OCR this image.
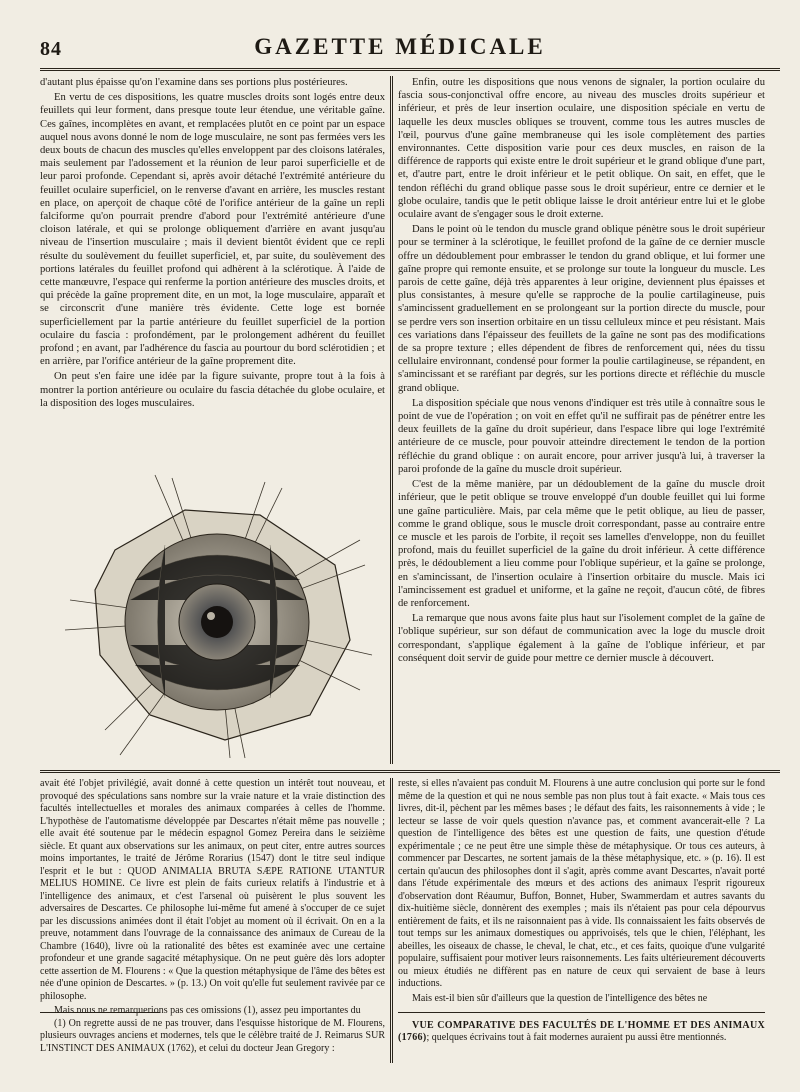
84	GAZETTE MÉDICALE

d'autant plus épaisse qu'on l'examine dans ses portions plus postérieures.

En vertu de ces dispositions, les quatre muscles droits sont logés entre deux feuillets qui leur forment, dans presque toute leur étendue, une véritable gaîne. Ces gaînes, incomplètes en avant, et remplacées plutôt en ce point par un espace auquel nous avons donné le nom de loge musculaire, ne sont pas fermées vers les deux bouts de chacun des muscles qu'elles enveloppent par des cloisons latérales, mais seulement par l'adossement et la réunion de leur paroi superficielle et de leur paroi profonde. Cependant si, après avoir détaché l'extrémité antérieure du feuillet oculaire superficiel, on le renverse d'avant en arrière, les muscles restant en place, on aperçoit de chaque côté de l'orifice antérieur de la gaîne un repli falciforme qu'on pourrait prendre d'abord pour l'extrémité antérieure d'une cloison latérale, et qui se prolonge obliquement d'arrière en avant jusqu'au niveau de l'insertion musculaire ; mais il devient bientôt évident que ce repli résulte du soulèvement du feuillet superficiel, et, par suite, du soulèvement des portions latérales du feuillet profond qui adhèrent à la sclérotique. À l'aide de cette manœuvre, l'espace qui renferme la portion antérieure des muscles droits, et qui précède la gaîne proprement dite, en un mot, la loge musculaire, apparaît et se circonscrit d'une manière très évidente. Cette loge est bornée superficiellement par la partie antérieure du feuillet superficiel de la portion oculaire du fascia : profondément, par le prolongement adhérent du feuillet profond ; en avant, par l'adhérence du fascia au pourtour du bord sclérotidien ; et en arrière, par l'orifice antérieur de la gaîne proprement dite.

On peut s'en faire une idée par la figure suivante, propre tout à la fois à montrer la portion antérieure ou oculaire du fascia détachée du globe oculaire, et la disposition des loges musculaires.

Enfin, outre les dispositions que nous venons de signaler, la portion oculaire du fascia sous-conjonctival offre encore, au niveau des muscles droits supérieur et inférieur, et près de leur insertion oculaire, une disposition spéciale en vertu de laquelle les deux muscles obliques se trouvent, comme tous les autres muscles de l'œil, pourvus d'une gaîne membraneuse qui les isole complètement des parties environnantes. Cette disposition varie pour ces deux muscles, en raison de la différence de rapports qui existe entre le droit supérieur et le grand oblique d'une part, et, d'autre part, entre le droit inférieur et le petit oblique. On sait, en effet, que le tendon réfléchi du grand oblique passe sous le droit supérieur, entre ce dernier et le globe oculaire, tandis que le petit oblique laisse le droit antérieur entre lui et le globe oculaire avant de s'engager sous le droit externe.

Dans le point où le tendon du muscle grand oblique pénètre sous le droit supérieur pour se terminer à la sclérotique, le feuillet profond de la gaîne de ce dernier muscle offre un dédoublement pour embrasser le tendon du grand oblique, et lui former une gaîne propre qui remonte ensuite, et se prolonge sur toute la longueur du muscle. Les parois de cette gaîne, déjà très apparentes à leur origine, deviennent plus épaisses et plus consistantes, à mesure qu'elle se rapproche de la poulie cartilagineuse, puis s'amincissent graduellement en se prolongeant sur la portion directe du muscle, pour se perdre vers son insertion orbitaire en un tissu celluleux mince et peu résistant. Mais ces variations dans l'épaisseur des feuillets de la gaîne ne sont pas des modifications de sa propre texture ; elles dépendent de fibres de renforcement qui, nées du tissu cellulaire environnant, condensé pour former la poulie cartilagineuse, se répandent, en s'amincissant et se raréfiant par degrés, sur les portions directe et réfléchie du muscle grand oblique.

La disposition spéciale que nous venons d'indiquer est très utile à connaître sous le point de vue de l'opération ; on voit en effet qu'il ne suffirait pas de pénétrer entre les deux feuillets de la gaîne du droit supérieur, dans l'espace libre qui loge l'extrémité antérieure de ce muscle, pour pouvoir atteindre directement le tendon de la portion réfléchie du grand oblique : on aurait encore, pour arriver jusqu'à lui, à traverser la paroi profonde de la gaîne du muscle droit supérieur.

C'est de la même manière, par un dédoublement de la gaîne du muscle droit inférieur, que le petit oblique se trouve enveloppé d'un double feuillet qui lui forme une gaîne particulière. Mais, par cela même que le petit oblique, au lieu de passer, comme le grand oblique, sous le muscle droit correspondant, passe au contraire entre ce muscle et les parois de l'orbite, il reçoit ses lamelles d'enveloppe, non du feuillet profond, mais du feuillet superficiel de la gaîne du droit inférieur. À cette différence près, le dédoublement a lieu comme pour l'oblique supérieur, et la gaîne se prolonge, en s'amincissant, de l'insertion oculaire à l'insertion orbitaire du muscle. Mais ici l'amincissement est graduel et uniforme, et la gaîne ne reçoit, d'aucun côté, de fibres de renforcement.

La remarque que nous avons faite plus haut sur l'isolement complet de la gaîne de l'oblique supérieur, sur son défaut de communication avec la loge du muscle droit correspondant, s'applique également à la gaîne de l'oblique inférieur, et par conséquent doit servir de guide pour mettre ce dernier muscle à découvert.

avait été l'objet privilégié, avait donné à cette question un intérêt tout nouveau, et provoqué des spéculations sans nombre sur la vraie nature et la vraie distinction des facultés intellectuelles et morales des animaux comparées à celles de l'homme. L'hypothèse de l'automatisme développée par Descartes n'était même pas nouvelle ; elle avait été soutenue par le médecin espagnol Gomez Pereira dans le seizième siècle. Et quant aux observations sur les animaux, on peut citer, entre autres sources moins importantes, le traité de Jérôme Rorarius (1547) dont le titre seul indique l'esprit et le but : QUOD ANIMALIA BRUTA SÆPE RATIONE UTANTUR MELIUS HOMINE. Ce livre est plein de faits curieux relatifs à l'industrie et à l'intelligence des animaux, et c'est l'arsenal où puisèrent le plus souvent les adversaires de Descartes. Ce philosophe lui-même fut amené à s'occuper de ce sujet par les discussions animées dont il était l'objet au moment où il écrivait. On en a la preuve, notamment dans l'ouvrage de la connaissance des animaux de Cureau de la Chambre (1640), livre où la rationalité des bêtes est examinée avec une certaine profondeur et une grande sagacité métaphysique. On ne peut guère dès lors adopter cette assertion de M. Flourens : « Que la question métaphysique de l'âme des bêtes est née d'une opinion de Descartes. » (p. 13.) On voit qu'elle fut seulement ravivée par ce philosophe.

Mais nous ne remarquerions pas ces omissions (1), assez peu importantes du

(1) On regrette aussi de ne pas trouver, dans l'esquisse historique de M. Flourens, plusieurs ouvrages anciens et modernes, tels que le célèbre traité de J. Reimarus SUR L'INSTINCT DES ANIMAUX (1762), et celui du docteur Jean Gregory :

reste, si elles n'avaient pas conduit M. Flourens à une autre conclusion qui porte sur le fond même de la question et qui ne nous semble pas non plus tout à fait exacte. « Mais tous ces livres, dit-il, pèchent par les mêmes bases ; le défaut des faits, les raisonnements à vide ; le lecteur se lasse de voir quels question n'avance pas, et comment avancerait-elle ? La question de l'intelligence des bêtes est une question de faits, une question d'étude expérimentale ; ce ne peut être une simple thèse de métaphysique. Or tous ces auteurs, à commencer par Descartes, ne sortent jamais de la thèse métaphysique, etc. » (p. 16). Il est certain qu'aucun des philosophes dont il s'agit, après comme avant Descartes, n'avait porté dans l'étude expérimentale des mœurs et des actions des animaux l'esprit rigoureux d'observation dont Réaumur, Buffon, Bonnet, Huber, Swammerdam et autres savants du dix-huitième siècle, donnèrent des exemples ; mais ils n'étaient pas pour cela dépourvus entièrement de faits, et ils ne raisonnaient pas à vide. Ils connaissaient les faits observés de tout temps sur les animaux domestiques ou apprivoisés, tels que le chien, l'éléphant, les abeilles, les oiseaux de chasse, le cheval, le chat, etc., et ces faits, quoique d'une vulgarité populaire, suffisaient pour motiver leurs raisonnements. Les faits ultérieurement découverts ou mieux étudiés ne diffèrent pas en nature de ceux qui servaient de base à leurs inductions.

Mais est-il bien sûr d'ailleurs que la question de l'intelligence des bêtes ne

VUE COMPARATIVE DES FACULTÉS DE L'HOMME ET DES ANIMAUX (1766); quelques écrivains tout à fait modernes auraient pu aussi être mentionnés.
